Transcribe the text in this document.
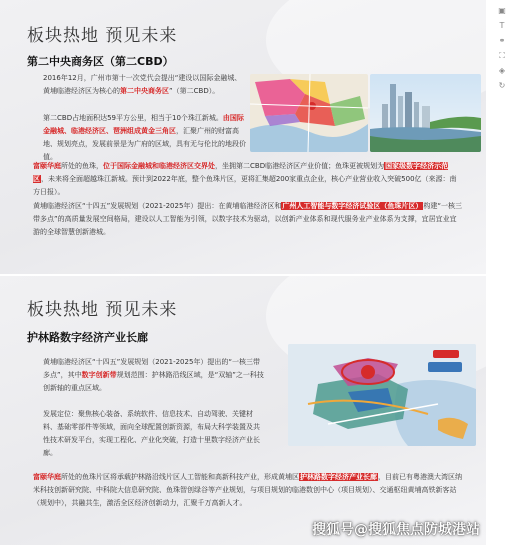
板块热地 预见未来
第二中央商务区（第二CBD）

2016年12月，广州市第十一次党代会提出“建设以国际金融城、黄埔临港经济区为核心的第二中央商务区”（第二CBD）。

第二CBD占地面积达59平方公里，相当于10个珠江新城。由国际金融城、临港经济区、琶洲组成黄金三角区，汇聚广州的财富高地、规划亮点，发展前景是为广府的区域，具有无与伦比的地段价值。

富颐华庭所处的鱼珠，位于国际金融城和临港经济区交界处，坐拥第二CBD临港经济区产业价值；鱼珠更被规划为国家级数字经济示范区，未来将全面超越珠江新城。预计到2022年底，整个鱼珠片区，更将汇集超200家重点企业，核心产业营业收入突破500亿（来源：南方日报）。

黄埔临港经济区“十四五”发展规划（2021-2025年）提出：在黄埔临港经济区和广州人工智能与数字经济试验区（鱼珠片区）构建“一核三带多点”的高质量发展空间格局，建设以人工智能为引领，以数字技术为驱动，以创新产业体系和现代服务业产业体系为支撑，宜居宜业宜游的全球智慧创新港城。

板块热地 预见未来
护林路数字经济产业长廊

黄埔临港经济区“十四五”发展规划（2021-2025年）提出的“一核三带多点”，其中数字创新带规划范围：护林路沿线区域，是“双轴”之一科技创新轴的重点区域。

发展定位：聚焦核心装备、系统软件、信息技术、自动驾驶、关键材料、基础零部件等领域，面向全球配置创新资源，布局大科学装置及共性技术研发平台，实现工程化、产业化突破，打造十里数字经济产业长廊。

富颐华庭所处的鱼珠片区将承载护林路沿线片区人工智能和高新科技产业，形成黄埔区护林路数字经济产业长廊，目前已有粤港澳大湾区纳米科技创新研究院、中科院大信息研究院、鱼珠智创绿谷等产业规划，与项目规划的临港数创中心（项目规划）、交通枢纽黄埔高铁新客站（规划中），共融共生，激活全区经济创新动力，汇聚千万高新人才。

搜狐号@搜狐焦点防城港站
▣
T
⚭
⛶
◈
↻
